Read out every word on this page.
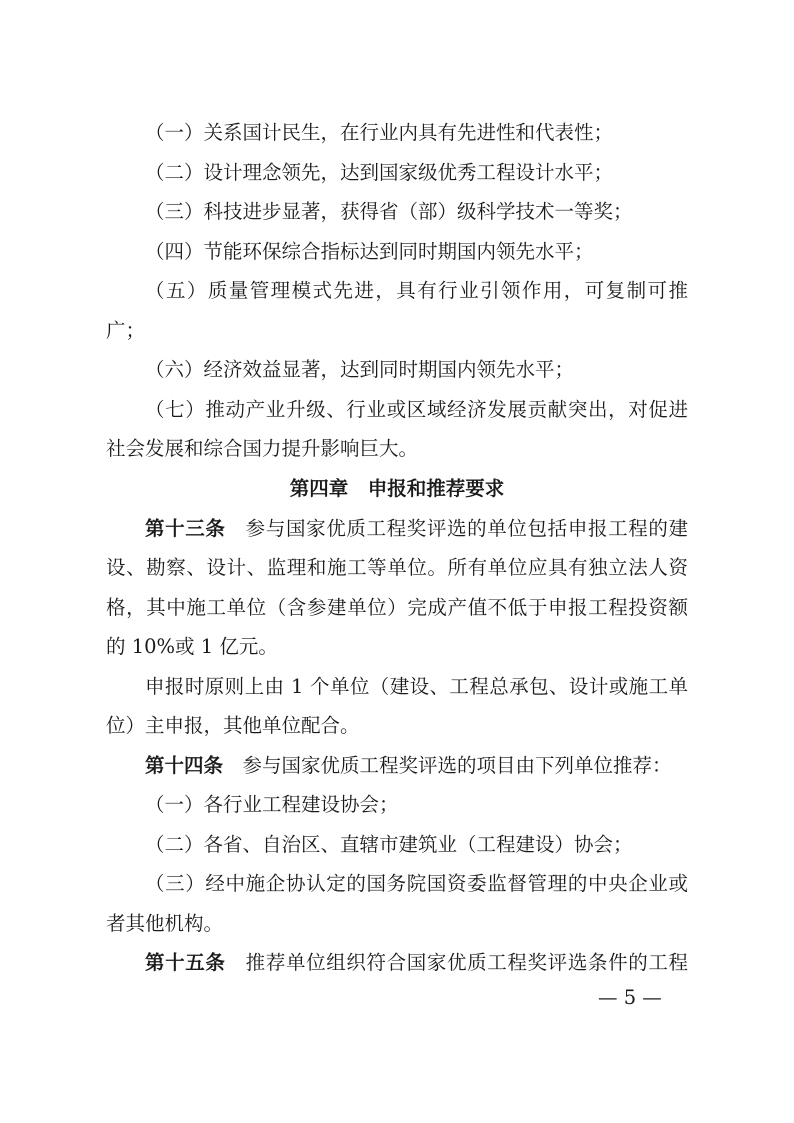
（一）关系国计民生，在行业内具有先进性和代表性；

（二）设计理念领先，达到国家级优秀工程设计水平；

（三）科技进步显著，获得省（部）级科学技术一等奖；

（四）节能环保综合指标达到同时期国内领先水平；

（五）质量管理模式先进，具有行业引领作用，可复制可推广；

（六）经济效益显著，达到同时期国内领先水平；

（七）推动产业升级、行业或区域经济发展贡献突出，对促进社会发展和综合国力提升影响巨大。

第四章　申报和推荐要求

第十三条　参与国家优质工程奖评选的单位包括申报工程的建设、勘察、设计、监理和施工等单位。所有单位应具有独立法人资格，其中施工单位（含参建单位）完成产值不低于申报工程投资额的 10%或 1 亿元。

申报时原则上由 1 个单位（建设、工程总承包、设计或施工单位）主申报，其他单位配合。

第十四条　参与国家优质工程奖评选的项目由下列单位推荐：

（一）各行业工程建设协会；

（二）各省、自治区、直辖市建筑业（工程建设）协会；

（三）经中施企协认定的国务院国资委监督管理的中央企业或者其他机构。

第十五条　推荐单位组织符合国家优质工程奖评选条件的工程

— 5 —
